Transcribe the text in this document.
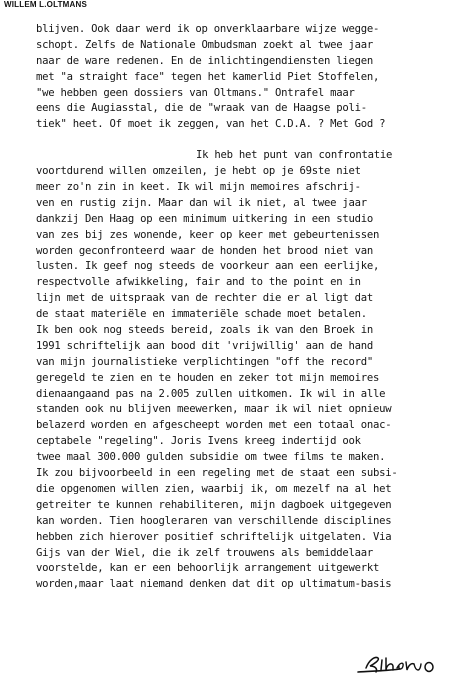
WILLEM L.OLTMANS
blijven. Ook daar werd ik op onverklaarbare wijze wegge-
schopt. Zelfs de Nationale Ombudsman zoekt al twee jaar
naar de ware redenen. En de inlichtingendiensten liegen
met "a straight face" tegen het kamerlid Piet Stoffelen,
"we hebben geen dossiers van Oltmans." Ontrafel maar
eens die Augiasstal, die de "wraak van de Haagse poli-
tiek" heet. Of moet ik zeggen, van het C.D.A. ? Met God ?
Ik heb het punt van confrontatie
voortdurend willen omzeilen, je hebt op je 69ste niet
meer zo'n zin in keet. Ik wil mijn memoires afschrij-
ven en rustig zijn. Maar dan wil ik niet, al twee jaar
dankzij Den Haag op een minimum uitkering in een studio
van zes bij zes wonende, keer op keer met gebeurtenissen
worden geconfronteerd waar de honden het brood niet van
lusten. Ik geef nog steeds de voorkeur aan een eerlijke,
respectvolle afwikkeling, fair and to the point en in
lijn met de uitspraak van de rechter die er al ligt dat
de staat materiële en immateriële schade moet betalen.
Ik ben ook nog steeds bereid, zoals ik van den Broek in
1991 schriftelijk aan bood dit 'vrijwillig' aan de hand
van mijn journalistieke verplichtingen "off the record"
geregeld te zien en te houden en zeker tot mijn memoires
dienaangaand pas na 2.005 zullen uitkomen. Ik wil in alle
standen ook nu blijven meewerken, maar ik wil niet opnieuw
belazerd worden en afgescheept worden met een totaal onac-
ceptabele "regeling". Joris Ivens kreeg indertijd ook
twee maal 300.000 gulden subsidie om twee films te maken.
Ik zou bijvoorbeeld in een regeling met de staat een subsi-
die opgenomen willen zien, waarbij ik, om mezelf na al het
getreiter te kunnen rehabiliteren, mijn dagboek uitgegeven
kan worden. Tien hoogleraren van verschillende disciplines
hebben zich hierover positief schriftelijk uitgelaten. Via
Gijs van der Wiel, die ik zelf trouwens als bemiddelaar
voorstelde, kan er een behoorlijk arrangement uitgewerkt
worden,maar laat niemand denken dat dit op ultimatum-basis
